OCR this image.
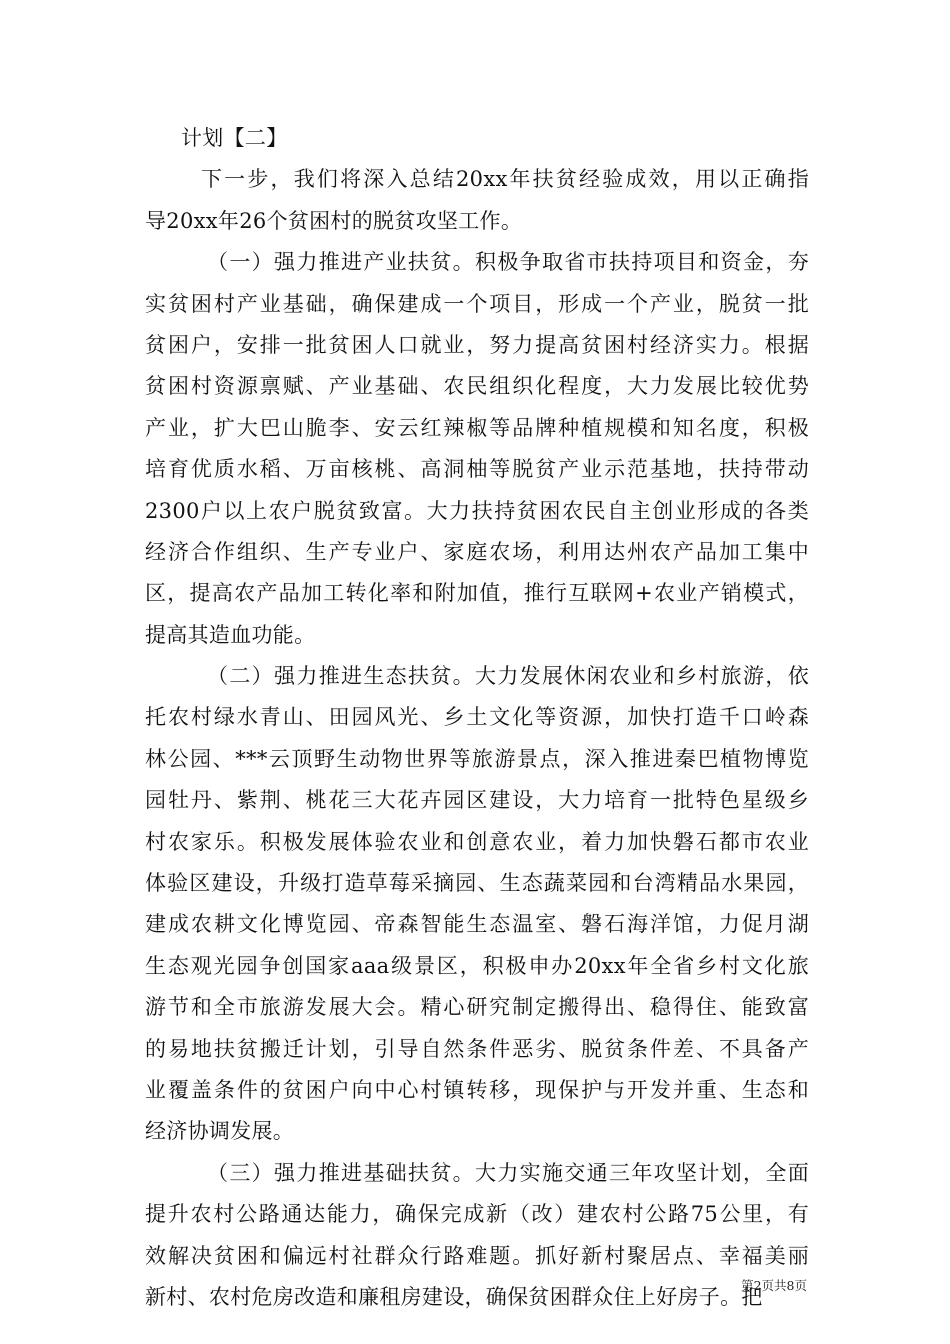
计划【二】
下一步，我们将深入总结20xx年扶贫经验成效，用以正确指
导20xx年26个贫困村的脱贫攻坚工作。
（一）强力推进产业扶贫。积极争取省市扶持项目和资金，夯
实贫困村产业基础，确保建成一个项目，形成一个产业，脱贫一批
贫困户，安排一批贫困人口就业，努力提高贫困村经济实力。根据
贫困村资源禀赋、产业基础、农民组织化程度，大力发展比较优势
产业，扩大巴山脆李、安云红辣椒等品牌种植规模和知名度，积极
培育优质水稻、万亩核桃、高洞柚等脱贫产业示范基地，扶持带动
2300户以上农户脱贫致富。大力扶持贫困农民自主创业形成的各类
经济合作组织、生产专业户、家庭农场，利用达州农产品加工集中
区，提高农产品加工转化率和附加值，推行互联网+农业产销模式，
提高其造血功能。
（二）强力推进生态扶贫。大力发展休闲农业和乡村旅游，依
托农村绿水青山、田园风光、乡土文化等资源，加快打造千口岭森
林公园、***云顶野生动物世界等旅游景点，深入推进秦巴植物博览
园牡丹、紫荆、桃花三大花卉园区建设，大力培育一批特色星级乡
村农家乐。积极发展体验农业和创意农业，着力加快磐石都市农业
体验区建设，升级打造草莓采摘园、生态蔬菜园和台湾精品水果园，
建成农耕文化博览园、帝森智能生态温室、磐石海洋馆，力促月湖
生态观光园争创国家aaa级景区，积极申办20xx年全省乡村文化旅
游节和全市旅游发展大会。精心研究制定搬得出、稳得住、能致富
的易地扶贫搬迁计划，引导自然条件恶劣、脱贫条件差、不具备产
业覆盖条件的贫困户向中心村镇转移，现保护与开发并重、生态和
经济协调发展。
（三）强力推进基础扶贫。大力实施交通三年攻坚计划，全面
提升农村公路通达能力，确保完成新（改）建农村公路75公里，有
效解决贫困和偏远村社群众行路难题。抓好新村聚居点、幸福美丽
新村、农村危房改造和廉租房建设，确保贫困群众住上好房子。把
第2页共8页
